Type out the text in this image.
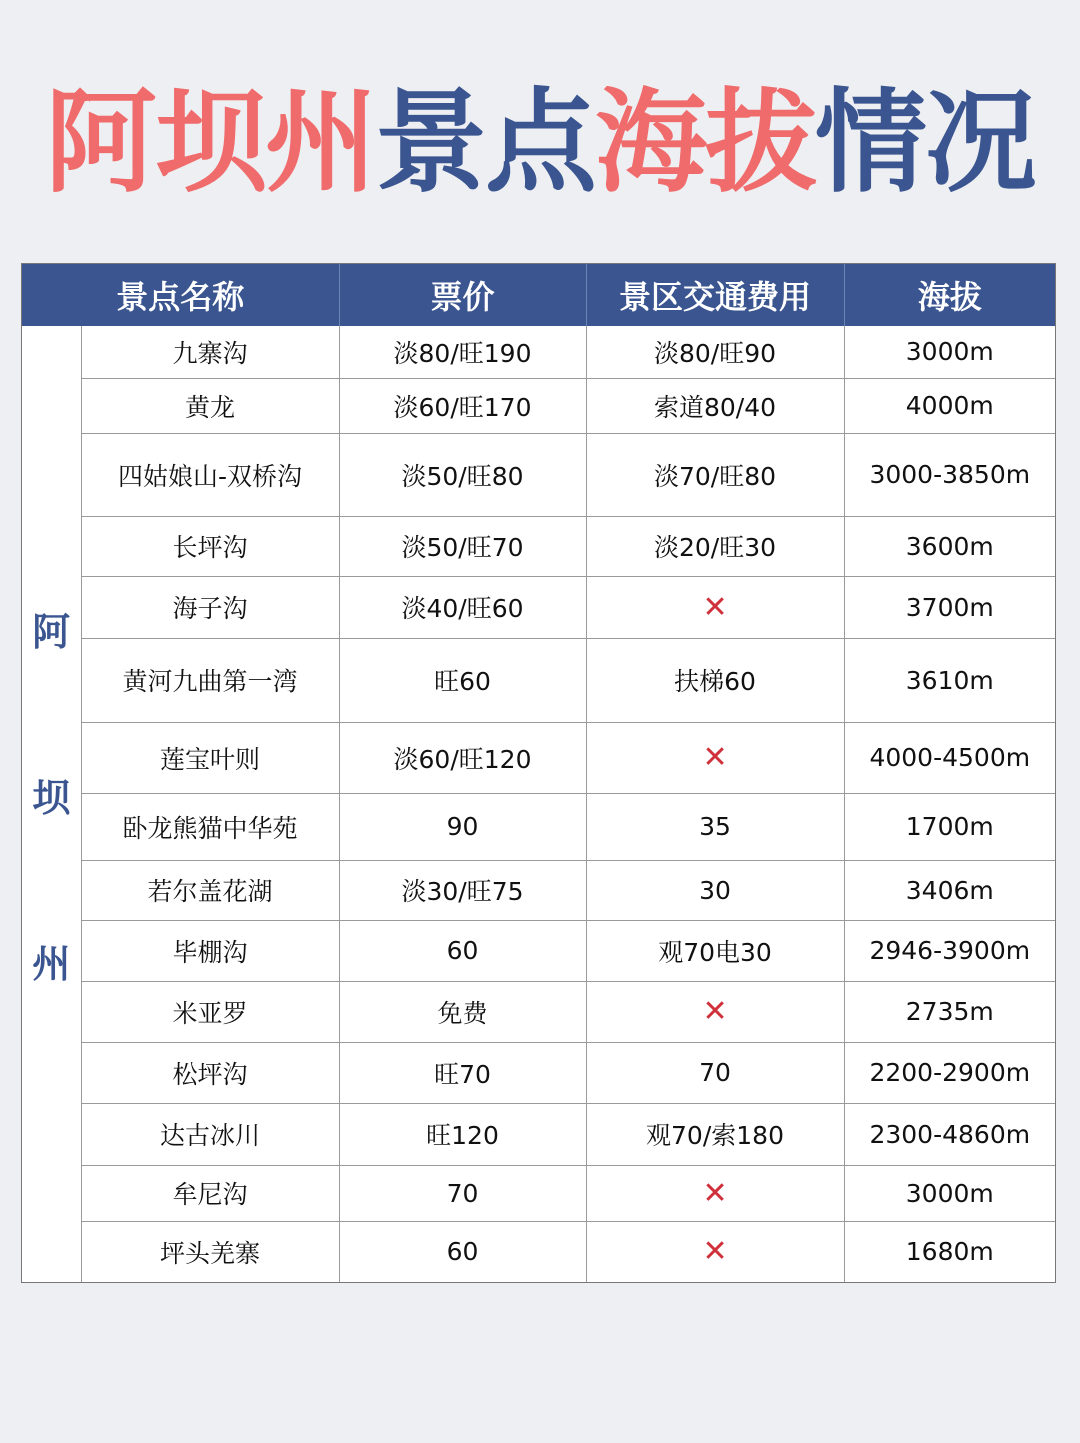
阿坝州景点海拔情况
景点名称		票价	景区交通费用	海拔

阿
坝
州	九寨沟	淡80/旺190	淡80/旺90	3000m
	黄龙	淡60/旺170	索道80/40	4000m
	四姑娘山-双桥沟	淡50/旺80	淡70/旺80	3000-3850m
	长坪沟	淡50/旺70	淡20/旺30	3600m
	海子沟	淡40/旺60	✕	3700m
	黄河九曲第一湾	旺60	扶梯60	3610m
	莲宝叶则	淡60/旺120	✕	4000-4500m
	卧龙熊猫中华苑	90	35	1700m
	若尔盖花湖	淡30/旺75	30	3406m
	毕棚沟	60	观70电30	2946-3900m
	米亚罗	免费	✕	2735m
	松坪沟	旺70	70	2200-2900m
	达古冰川	旺120	观70/索180	2300-4860m
	牟尼沟	70	✕	3000m
	坪头羌寨	60	✕	1680m
